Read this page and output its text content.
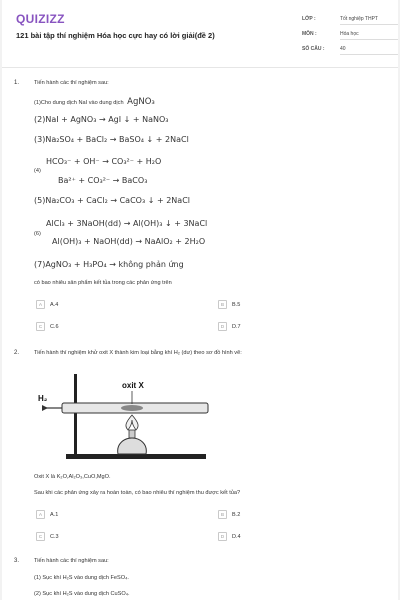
QUIZIZZ
121 bài tập thí nghiệm Hóa học cực hay có lời giải(đề 2)
LỚP :	Tốt nghiệp THPT
MÔN :	Hóa học
SỐ CÂU :	40
1.	Tiến hành các thí nghiệm sau:
(1)Cho dung dịch NaI vào dung dịch AgNO₃
(2)NaI + AgNO₃ → AgI ↓ + NaNO₃
(3)Na₂SO₄ + BaCl₂ → BaSO₄ ↓ + 2NaCl
(4)
HCO₃⁻ + OH⁻ → CO₃²⁻ + H₂O
Ba²⁺ + CO₃²⁻ → BaCO₃
(5)Na₂CO₃ + CaCl₂ → CaCO₃ ↓ + 2NaCl
(6)
AlCl₃ + 3NaOH(dd) → Al(OH)₃ ↓ + 3NaCl
Al(OH)₃ + NaOH(dd) → NaAlO₂ + 2H₂O
(7)AgNO₃ + H₃PO₄ → không phản ứng
có bao nhiêu sản phẩm kết tủa trong các phản ứng trên
A	A.4	B	B.5
C	C.6	D	D.7
2.	Tiến hành thí nghiệm khử oxit X thành kim loại bằng khí H₂ (dư) theo sơ đồ hình vẽ:
oxit X
H₂
Oxit X là K₂O,Al₂O₃,CuO,MgO.
Sau khi các phản ứng xảy ra hoàn toàn, có bao nhiêu thí nghiệm thu được kết tủa?
A	A.1	B	B.2
C	C.3	D	D.4
3.	Tiến hành các thí nghiệm sau:
(1) Sục khí H₂S vào dung dịch FeSO₄.
(2) Sục khí H₂S vào dung dịch CuSO₄.
